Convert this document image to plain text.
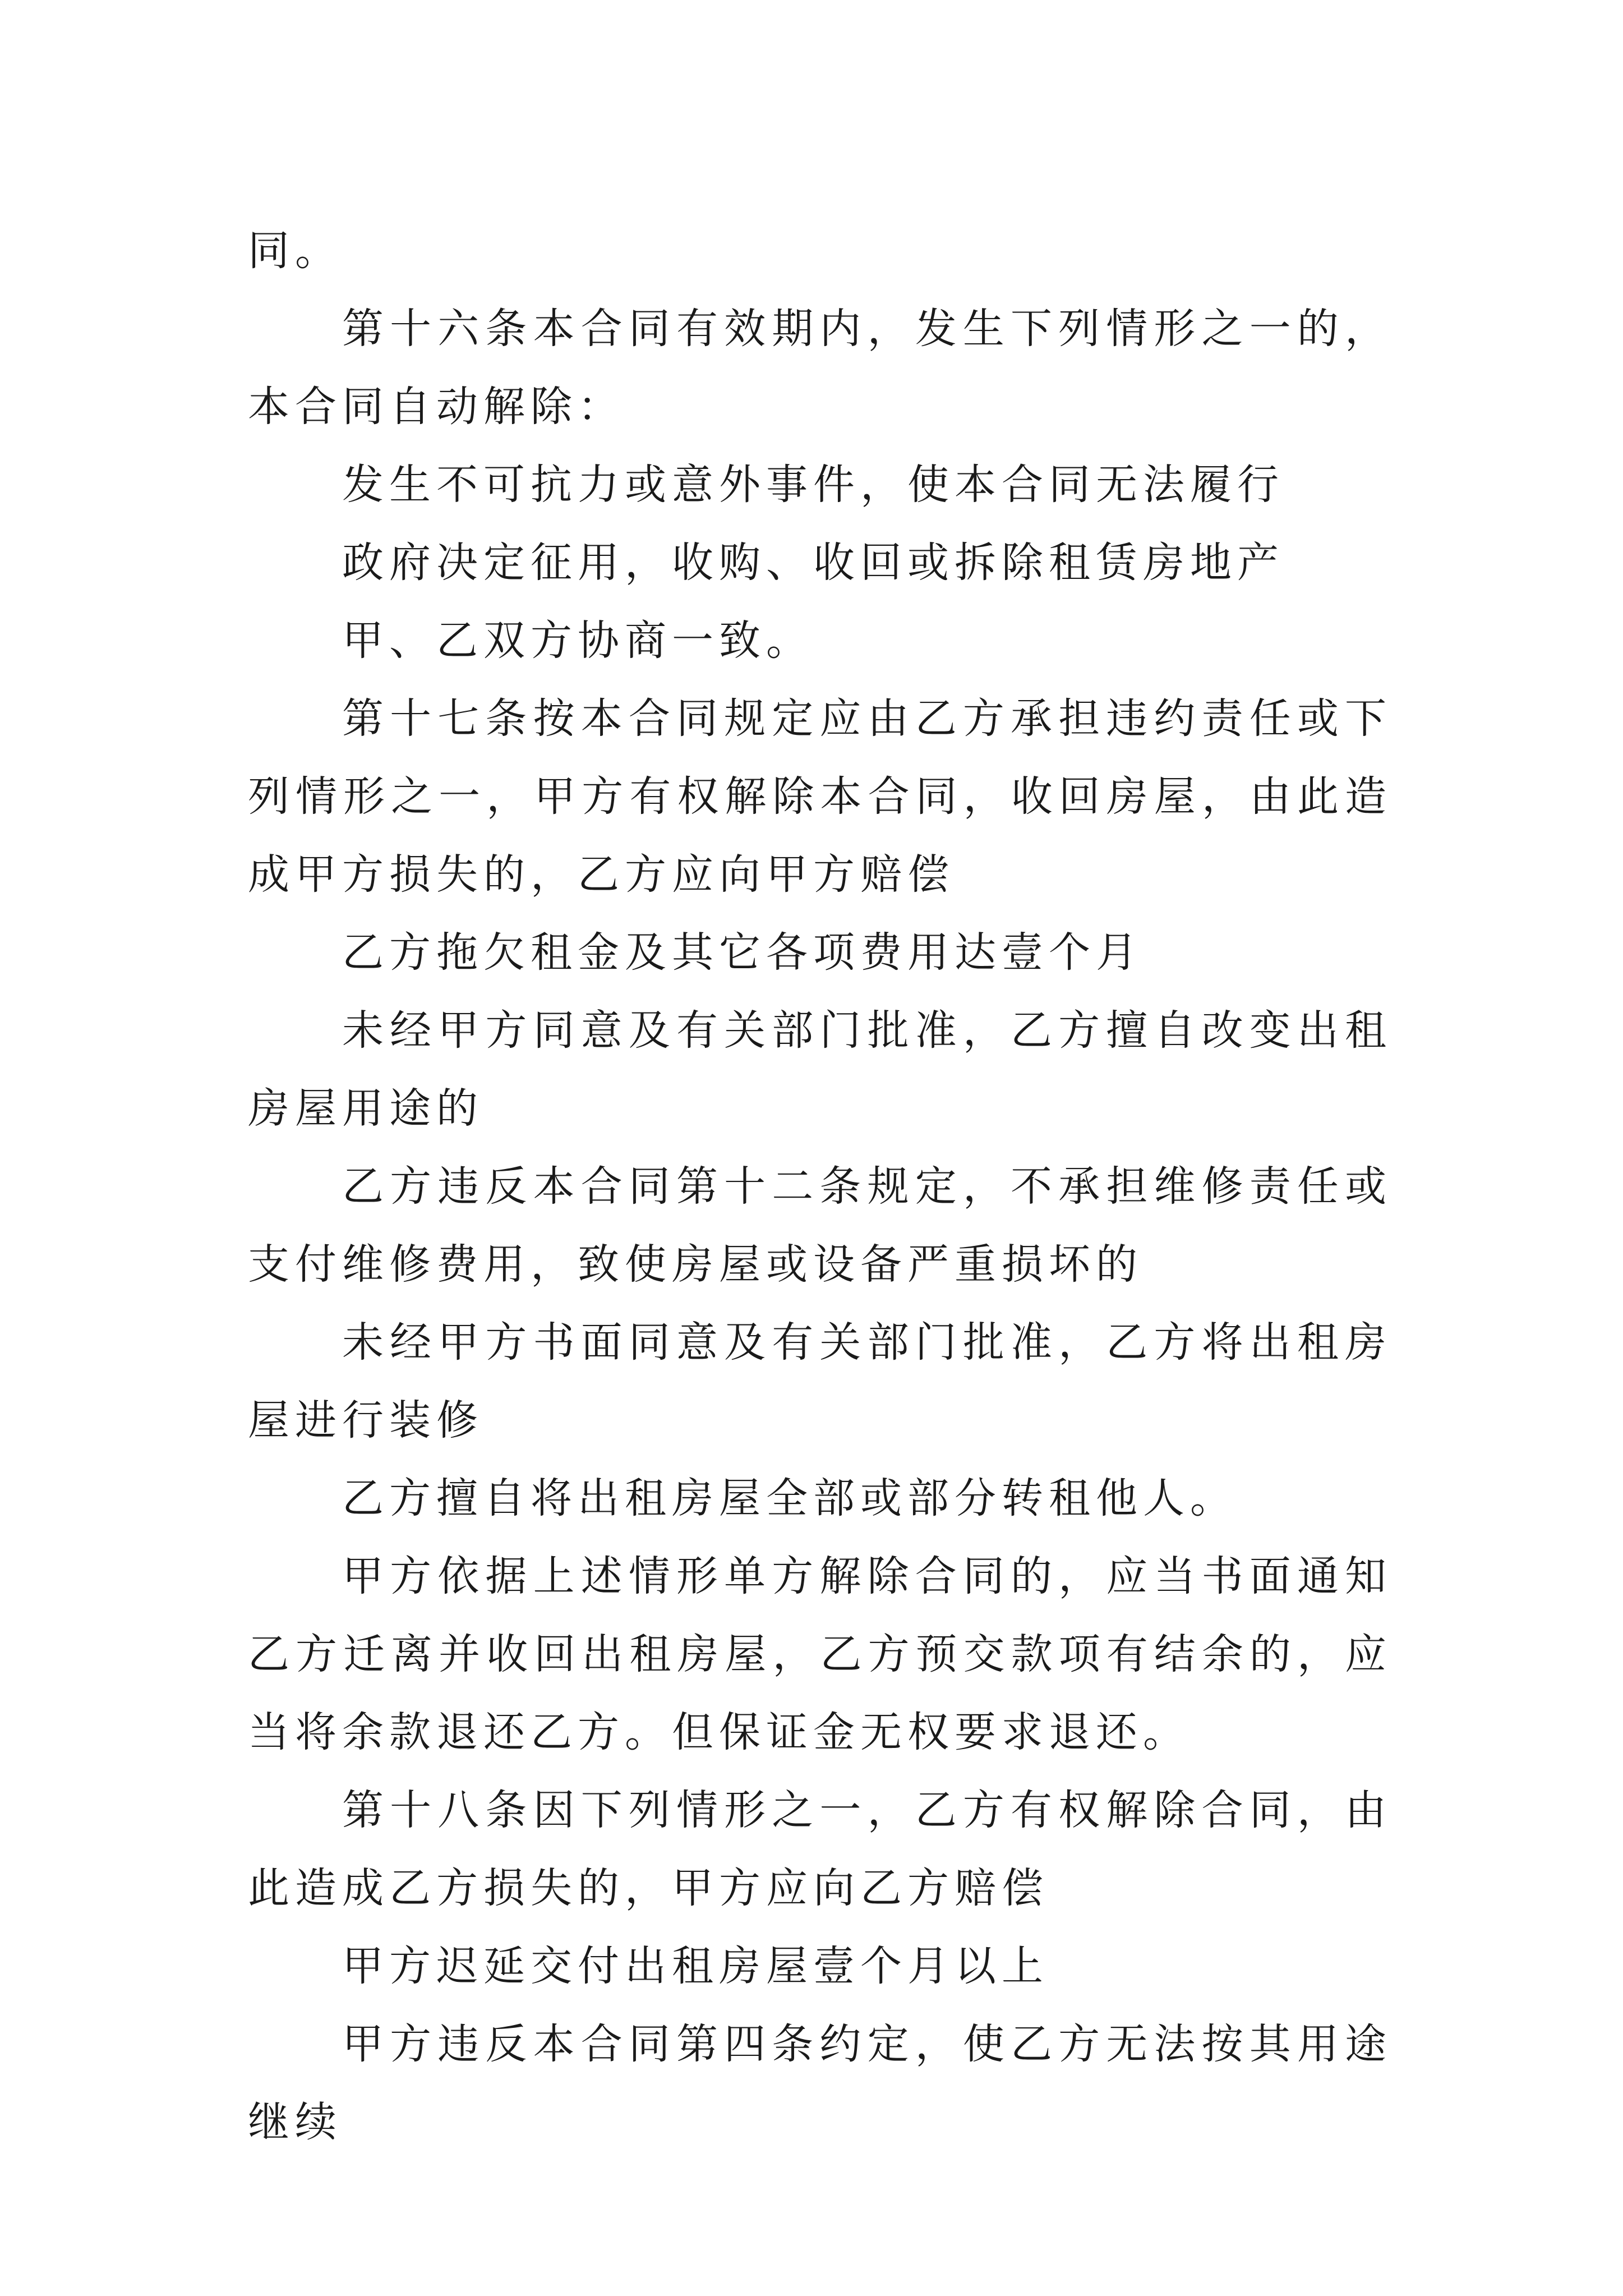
同。

第十六条本合同有效期内，发生下列情形之一的，本合同自动解除：

发生不可抗力或意外事件，使本合同无法履行

政府决定征用，收购、收回或拆除租赁房地产

甲、乙双方协商一致。

第十七条按本合同规定应由乙方承担违约责任或下列情形之一，甲方有权解除本合同，收回房屋，由此造成甲方损失的，乙方应向甲方赔偿

乙方拖欠租金及其它各项费用达壹个月

未经甲方同意及有关部门批准，乙方擅自改变出租房屋用途的

乙方违反本合同第十二条规定，不承担维修责任或支付维修费用，致使房屋或设备严重损坏的

未经甲方书面同意及有关部门批准，乙方将出租房屋进行装修

乙方擅自将出租房屋全部或部分转租他人。

甲方依据上述情形单方解除合同的，应当书面通知乙方迁离并收回出租房屋，乙方预交款项有结余的，应当将余款退还乙方。但保证金无权要求退还。

第十八条因下列情形之一，乙方有权解除合同，由此造成乙方损失的，甲方应向乙方赔偿

甲方迟延交付出租房屋壹个月以上

甲方违反本合同第四条约定，使乙方无法按其用途继续
